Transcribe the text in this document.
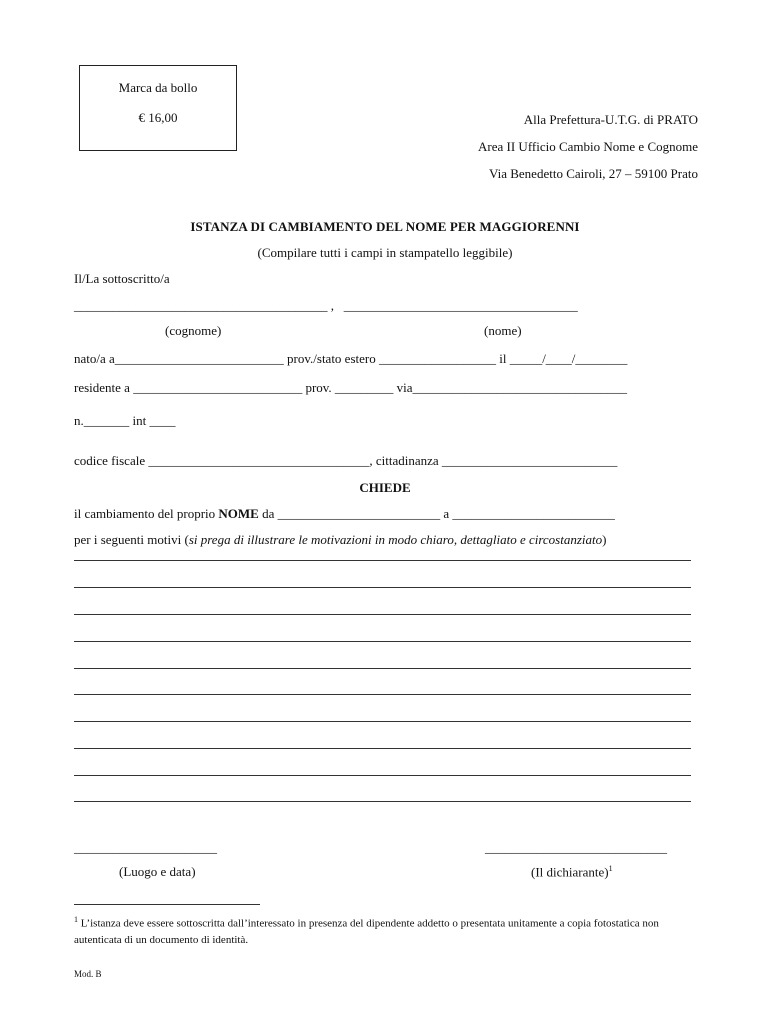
Marca da bollo
€ 16,00	Alla Prefettura-U.T.G. di PRATO
Area II Ufficio Cambio Nome e Cognome
Via Benedetto Cairoli, 27 – 59100 Prato
ISTANZA DI CAMBIAMENTO DEL NOME PER MAGGIORENNI
(Compilare tutti i campi in stampatello leggibile)
Il/La sottoscritto/a
_______________________________________ ,   ____________________________________
(cognome)	(nome)
nato/a a__________________________ prov./stato estero __________________ il _____/____/________
residente a __________________________ prov. _________ via_________________________________
n._______ int ____
codice fiscale __________________________________, cittadinanza ___________________________
CHIEDE
il cambiamento del proprio NOME da _________________________ a _________________________
per i seguenti motivi (si prega di illustrare le motivazioni in modo chiaro, dettagliato e circostanziato)
______________________
(Luogo e data)
____________________________
(Il dichiarante)$^1$
$^1$ L’istanza deve essere sottoscritta dall’interessato in presenza del dipendente addetto o presentata unitamente a copia fotostatica non autenticata di un documento di identità.
Mod. B
